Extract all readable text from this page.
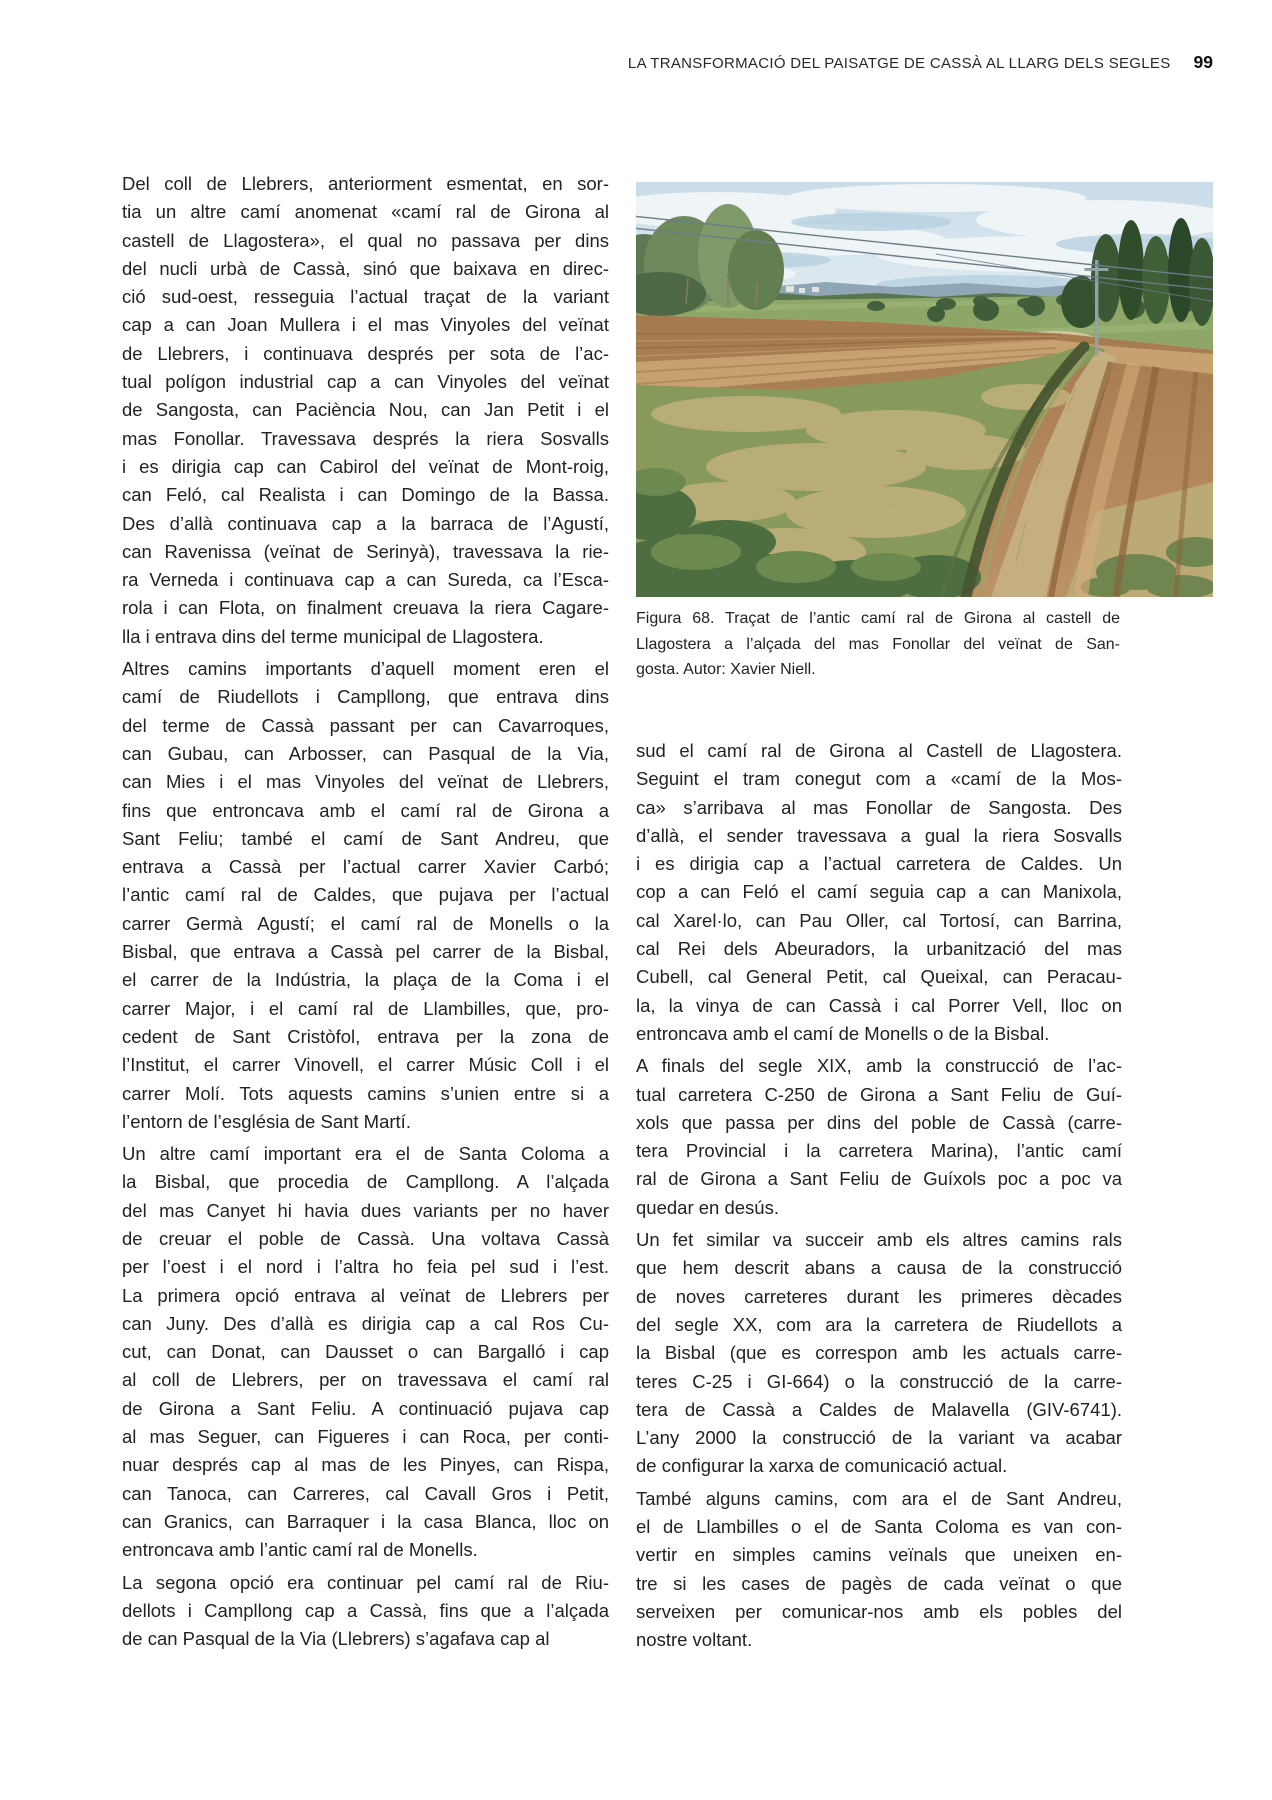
LA TRANSFORMACIÓ DEL PAISATGE DE CASSÀ AL LLARG DELS SEGLES 99

Del coll de Llebrers, anteriorment esmentat, en sor-
tia un altre camí anomenat «camí ral de Girona al
castell de Llagostera», el qual no passava per dins
del nucli urbà de Cassà, sinó que baixava en direc-
ció sud-oest, resseguia l’actual traçat de la variant
cap a can Joan Mullera i el mas Vinyoles del veïnat
de Llebrers, i continuava després per sota de l’ac-
tual polígon industrial cap a can Vinyoles del veïnat
de Sangosta, can Paciència Nou, can Jan Petit i el
mas Fonollar. Travessava després la riera Sosvalls
i es dirigia cap can Cabirol del veïnat de Mont-roig,
can Feló, cal Realista i can Domingo de la Bassa.
Des d’allà continuava cap a la barraca de l’Agustí,
can Ravenissa (veïnat de Serinyà), travessava la rie-
ra Verneda i continuava cap a can Sureda, ca l’Esca-
rola i can Flota, on finalment creuava la riera Cagare-
lla i entrava dins del terme municipal de Llagostera.

Altres camins importants d’aquell moment eren el
camí de Riudellots i Campllong, que entrava dins
del terme de Cassà passant per can Cavarroques,
can Gubau, can Arbosser, can Pasqual de la Via,
can Mies i el mas Vinyoles del veïnat de Llebrers,
fins que entroncava amb el camí ral de Girona a
Sant Feliu; també el camí de Sant Andreu, que
entrava a Cassà per l’actual carrer Xavier Carbó;
l’antic camí ral de Caldes, que pujava per l’actual
carrer Germà Agustí; el camí ral de Monells o la
Bisbal, que entrava a Cassà pel carrer de la Bisbal,
el carrer de la Indústria, la plaça de la Coma i el
carrer Major, i el camí ral de Llambilles, que, pro-
cedent de Sant Cristòfol, entrava per la zona de
l’Institut, el carrer Vinovell, el carrer Músic Coll i el
carrer Molí. Tots aquests camins s’unien entre si a
l’entorn de l’església de Sant Martí.

Un altre camí important era el de Santa Coloma a
la Bisbal, que procedia de Campllong. A l’alçada
del mas Canyet hi havia dues variants per no haver
de creuar el poble de Cassà. Una voltava Cassà
per l’oest i el nord i l’altra ho feia pel sud i l’est.
La primera opció entrava al veïnat de Llebrers per
can Juny. Des d’allà es dirigia cap a cal Ros Cu-
cut, can Donat, can Dausset o can Bargalló i cap
al coll de Llebrers, per on travessava el camí ral
de Girona a Sant Feliu. A continuació pujava cap
al mas Seguer, can Figueres i can Roca, per conti-
nuar després cap al mas de les Pinyes, can Rispa,
can Tanoca, can Carreres, cal Cavall Gros i Petit,
can Granics, can Barraquer i la casa Blanca, lloc on
entroncava amb l’antic camí ral de Monells.

La segona opció era continuar pel camí ral de Riu-
dellots i Campllong cap a Cassà, fins que a l’alçada
de can Pasqual de la Via (Llebrers) s’agafava cap al

Figura 68. Traçat de l’antic camí ral de Girona al castell de
Llagostera a l’alçada del mas Fonollar del veïnat de San-
gosta. Autor: Xavier Niell.

sud el camí ral de Girona al Castell de Llagostera.
Seguint el tram conegut com a «camí de la Mos-
ca» s’arribava al mas Fonollar de Sangosta. Des
d’allà, el sender travessava a gual la riera Sosvalls
i es dirigia cap a l’actual carretera de Caldes. Un
cop a can Feló el camí seguia cap a can Manixola,
cal Xarel·lo, can Pau Oller, cal Tortosí, can Barrina,
cal Rei dels Abeuradors, la urbanització del mas
Cubell, cal General Petit, cal Queixal, can Peracau-
la, la vinya de can Cassà i cal Porrer Vell, lloc on
entroncava amb el camí de Monells o de la Bisbal.

A finals del segle XIX, amb la construcció de l’ac-
tual carretera C-250 de Girona a Sant Feliu de Guí-
xols que passa per dins del poble de Cassà (carre-
tera Provincial i la carretera Marina), l’antic camí
ral de Girona a Sant Feliu de Guíxols poc a poc va
quedar en desús.

Un fet similar va succeir amb els altres camins rals
que hem descrit abans a causa de la construcció
de noves carreteres durant les primeres dècades
del segle XX, com ara la carretera de Riudellots a
la Bisbal (que es correspon amb les actuals carre-
teres C-25 i GI-664) o la construcció de la carre-
tera de Cassà a Caldes de Malavella (GIV-6741).
L’any 2000 la construcció de la variant va acabar
de configurar la xarxa de comunicació actual.

També alguns camins, com ara el de Sant Andreu,
el de Llambilles o el de Santa Coloma es van con-
vertir en simples camins veïnals que uneixen en-
tre si les cases de pagès de cada veïnat o que
serveixen per comunicar-nos amb els pobles del
nostre voltant.
